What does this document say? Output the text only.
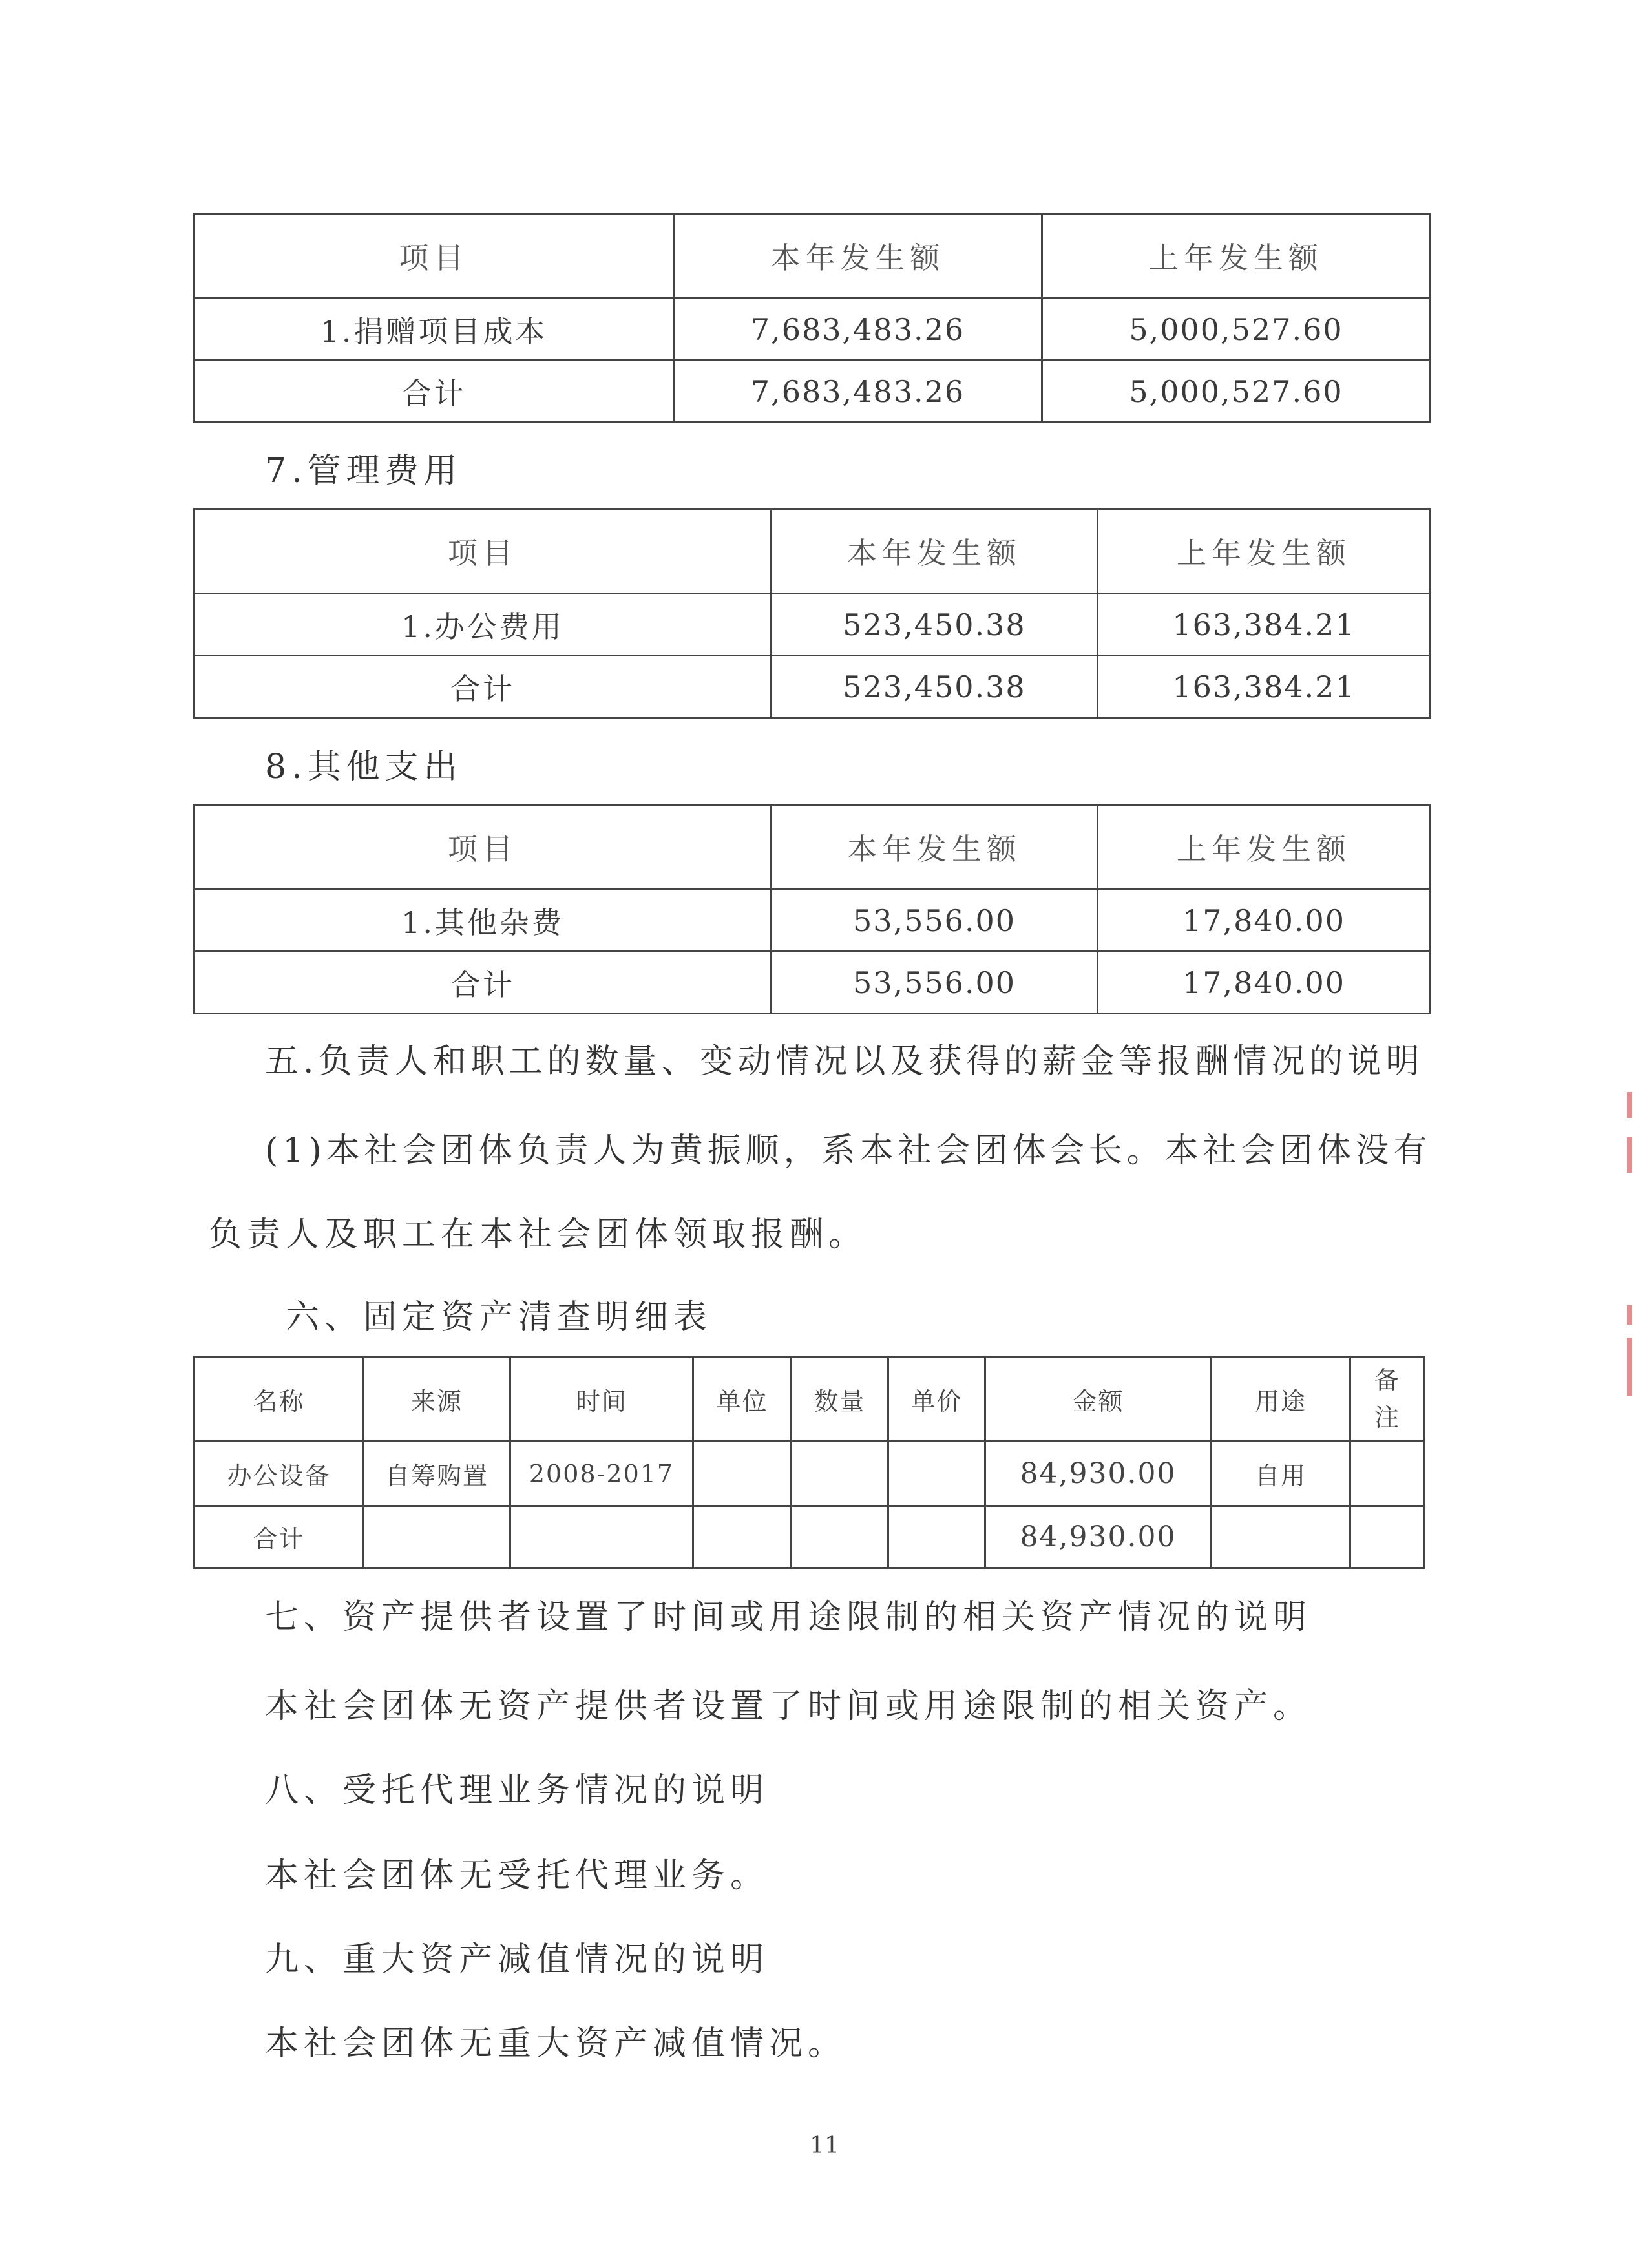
项目	本年发生额	上年发生额
1.捐赠项目成本	7,683,483.26	5,000,527.60
合计	7,683,483.26	5,000,527.60
7.管理费用
项目	本年发生额	上年发生额
1.办公费用	523,450.38	163,384.21
合计	523,450.38	163,384.21
8.其他支出
项目	本年发生额	上年发生额
1.其他杂费	53,556.00	17,840.00
合计	53,556.00	17,840.00
五.负责人和职工的数量、变动情况以及获得的薪金等报酬情况的说明
(1)本社会团体负责人为黄振顺，系本社会团体会长。本社会团体没有
负责人及职工在本社会团体领取报酬。
六、固定资产清查明细表
名称	来源	时间	单位	数量	单价	金额	用途	备
注

办公设备	自筹购置	2008-2017				84,930.00	自用	
合计						84,930.00		
七、资产提供者设置了时间或用途限制的相关资产情况的说明
本社会团体无资产提供者设置了时间或用途限制的相关资产。
八、受托代理业务情况的说明
本社会团体无受托代理业务。
九、重大资产减值情况的说明
本社会团体无重大资产减值情况。
11
